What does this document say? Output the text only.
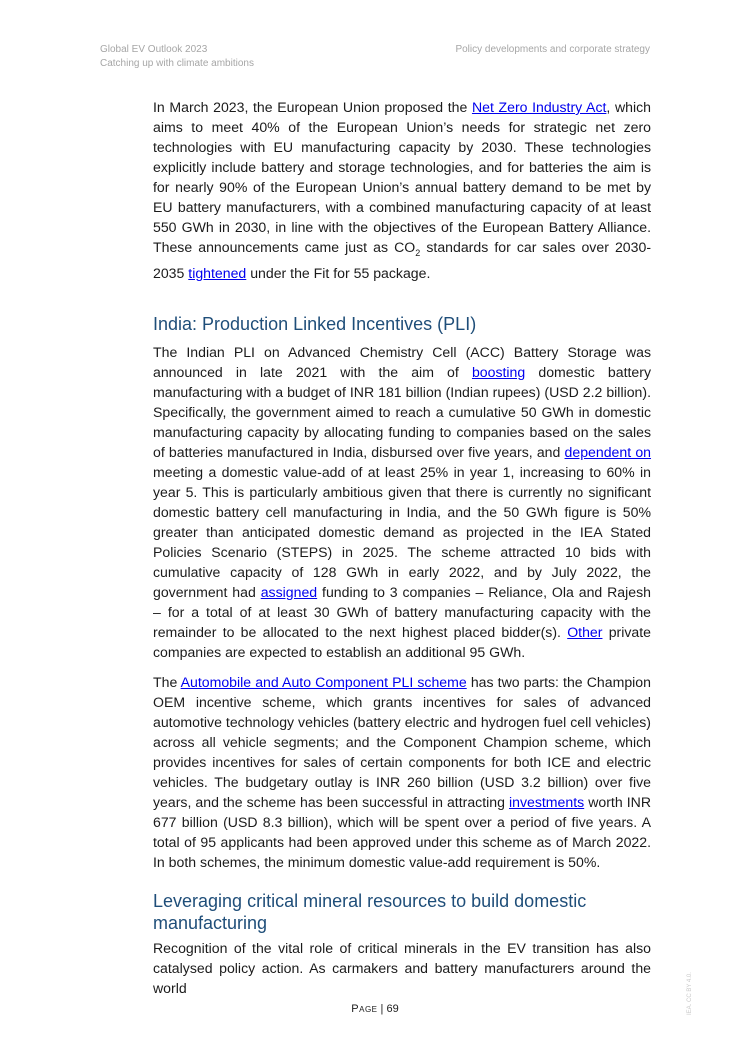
Global EV Outlook 2023
Catching up with climate ambitions
Policy developments and corporate strategy

In March 2023, the European Union proposed the Net Zero Industry Act, which aims to meet 40% of the European Union’s needs for strategic net zero technologies with EU manufacturing capacity by 2030. These technologies explicitly include battery and storage technologies, and for batteries the aim is for nearly 90% of the European Union’s annual battery demand to be met by EU battery manufacturers, with a combined manufacturing capacity of at least 550 GWh in 2030, in line with the objectives of the European Battery Alliance. These announcements came just as $CO_2$ standards for car sales over 2030-2035 tightened under the Fit for 55 package.

India: Production Linked Incentives (PLI)

The Indian PLI on Advanced Chemistry Cell (ACC) Battery Storage was announced in late 2021 with the aim of boosting domestic battery manufacturing with a budget of INR 181 billion (Indian rupees) (USD 2.2 billion). Specifically, the government aimed to reach a cumulative 50 GWh in domestic manufacturing capacity by allocating funding to companies based on the sales of batteries manufactured in India, disbursed over five years, and dependent on meeting a domestic value-add of at least 25% in year 1, increasing to 60% in year 5. This is particularly ambitious given that there is currently no significant domestic battery cell manufacturing in India, and the 50 GWh figure is 50% greater than anticipated domestic demand as projected in the IEA Stated Policies Scenario (STEPS) in 2025. The scheme attracted 10 bids with cumulative capacity of 128 GWh in early 2022, and by July 2022, the government had assigned funding to 3 companies – Reliance, Ola and Rajesh – for a total of at least 30 GWh of battery manufacturing capacity with the remainder to be allocated to the next highest placed bidder(s). Other private companies are expected to establish an additional 95 GWh.

The Automobile and Auto Component PLI scheme has two parts: the Champion OEM incentive scheme, which grants incentives for sales of advanced automotive technology vehicles (battery electric and hydrogen fuel cell vehicles) across all vehicle segments; and the Component Champion scheme, which provides incentives for sales of certain components for both ICE and electric vehicles. The budgetary outlay is INR 260 billion (USD 3.2 billion) over five years, and the scheme has been successful in attracting investments worth INR 677 billion (USD 8.3 billion), which will be spent over a period of five years. A total of 95 applicants had been approved under this scheme as of March 2022. In both schemes, the minimum domestic value-add requirement is 50%.

Leveraging critical mineral resources to build domestic manufacturing

Recognition of the vital role of critical minerals in the EV transition has also catalysed policy action. As carmakers and battery manufacturers around the world

Page | 69	IEA. CC BY 4.0.
